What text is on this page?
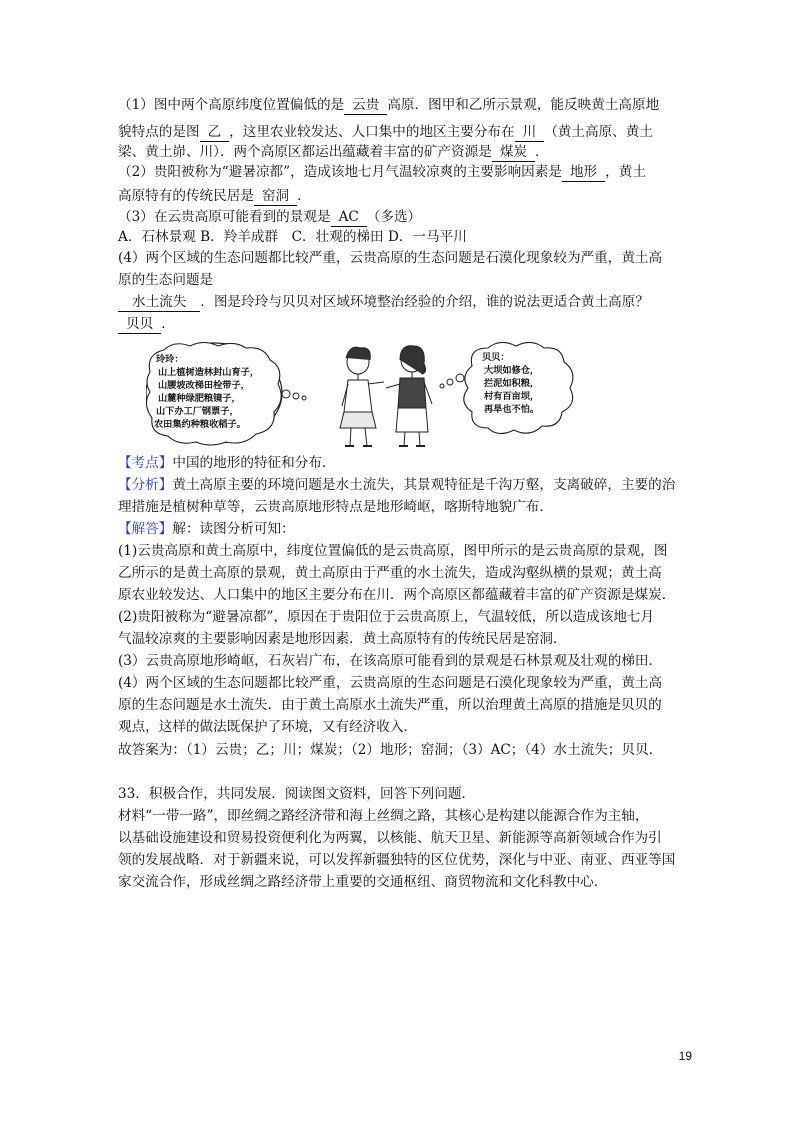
（1）图中两个高原纬度位置偏低的是 云贵 高原．图甲和乙所示景观，能反映黄土高原地

貌特点的是图 乙 ，这里农业较发达、人口集中的地区主要分布在 川 （黄土高原、黄土

梁、黄土峁、川）．两个高原区都运出蕴藏着丰富的矿产资源是 煤炭 ．

（2）贵阳被称为“避暑凉都”，造成该地七月气温较凉爽的主要影响因素是 地形 ，黄土

高原特有的传统民居是 窑洞 ．

（3）在云贵高原可能看到的景观是 AC （多选）

A．石林景观 B．羚羊成群　C．壮观的梯田 D．一马平川

(4）两个区域的生态问题都比较严重，云贵高原的生态问题是石漠化现象较为严重，黄土高

原的生态问题是

水土流失 ．图是玲玲与贝贝对区域环境整治经验的介绍，谁的说法更适合黄土高原？

贝贝 ．

玲玲：
山上植树造林封山育子，
山腰坡改梯田栓带子，
山麓种绿肥粮镜子，
山下办工厂钢票子，
农田集约种粮收稻子。
贝贝：
大坝如修仓，
拦泥如积粮，
村有百亩坝，
再旱也不怕。

【考点】中国的地形的特征和分布．

【分析】黄土高原主要的环境问题是水土流失，其景观特征是千沟万壑，支离破碎，主要的治

理措施是植树种草等，云贵高原地形特点是地形崎岖，喀斯特地貌广布．

【解答】解：读图分析可知：

(1)云贵高原和黄土高原中，纬度位置偏低的是云贵高原，图甲所示的是云贵高原的景观，图

乙所示的是黄土高原的景观，黄土高原由于严重的水土流失，造成沟壑纵横的景观；黄土高

原农业较发达、人口集中的地区主要分布在川．两个高原区都蕴藏着丰富的矿产资源是煤炭．

(2)贵阳被称为“避暑凉都”，原因在于贵阳位于云贵高原上，气温较低，所以造成该地七月

气温较凉爽的主要影响因素是地形因素．黄土高原特有的传统民居是窑洞．

(3）云贵高原地形崎岖，石灰岩广布，在该高原可能看到的景观是石林景观及壮观的梯田．

(4）两个区域的生态问题都比较严重，云贵高原的生态问题是石漠化现象较为严重，黄土高

原的生态问题是水土流失．由于黄土高原水土流失严重，所以治理黄土高原的措施是贝贝的

观点，这样的做法既保护了环境，又有经济收入．

故答案为：（1）云贵；乙；川；煤炭；（2）地形；窑洞；（3）AC；（4）水土流失；贝贝．

33．积极合作，共同发展．阅读图文资料，回答下列问题．

材料“一带一路”，即丝绸之路经济带和海上丝绸之路，其核心是构建以能源合作为主轴，

以基础设施建设和贸易投资便利化为两翼，以核能、航天卫星、新能源等高新领域合作为引

领的发展战略．对于新疆来说，可以发挥新疆独特的区位优势，深化与中亚、南亚、西亚等国

家交流合作，形成丝绸之路经济带上重要的交通枢纽、商贸物流和文化科教中心．

19
